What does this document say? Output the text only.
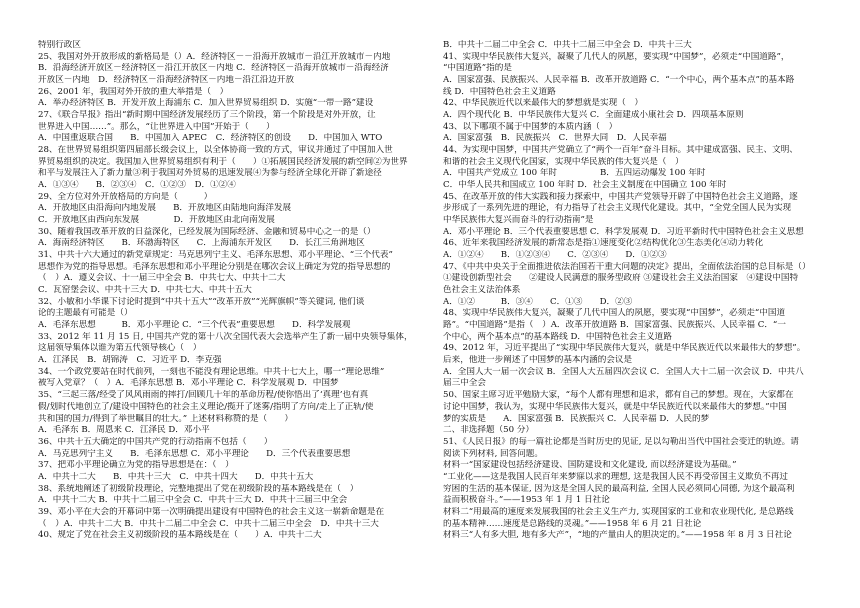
特别行政区
25、我国对外开放形成的新格局是（）A．经济特区－－沿海开放城市－沿江开放城市－内地
B．沿海经济开放区－经济特区－沿江开放区－内地 C．经济特区－沿海开放城市－沿海经济
开放区－内地　D．经济特区－沿海经济特区－内地－沿江沿边开放
26、2001 年，我国对外开放的重大举措是（　）
A．举办经济特区 B．开发开放上海浦东 C．加入世界贸易组织 D．实施“一带一路”建设
27、《联合早报》指出“新时期中国经济发展经历了三个阶段，第一个阶段是对外开放，让
世界进入中国……”。那么，“让世界进入中国”开始于（　　）
A．中国重返联合国　　B．中国加入 APEC　C．经济特区的创设　　D．中国加入 WTO
28、在世界贸易组织第四届部长级会议上，以全体协商一致的方式，审议并通过了中国加入世
界贸易组织的决定。我国加入世界贸易组织有利于（　　）①拓展国民经济发展的新空间②为世界
和平与发展注入了新力量③利于我国对外贸易的迅速发展④为参与经济全球化开辟了新途径
A．①③④　　B．②③④　C．①②③　D．①②④
29、全方位对外开放格局的方向是（　　　）
A．开放地区由沿海向内地发展　　B．开放地区由陆地向海洋发展
C．开放地区由西向东发展　　　　D．开放地区由北向南发展
30、随着我国改革开放的日益深化，已经发展为国际经济、金融和贸易中心之一的是（）
A．海南经济特区　　B．环渤海特区　　C．上海浦东开发区　　D．长江三角洲地区
31、中共十六大通过的新党章规定：马克思列宁主义、毛泽东思想、邓小平理论、“三个代表”
思想作为党的指导思想。毛泽东思想和邓小平理论分别是在哪次会议上确定为党的指导思想的
（　）A．遵义会议、十一届三中全会 B．中共七大、中共十二大
C．瓦窑堡会议、中共十三大 D．中共七大、中共十五大
32、小敏和小华课下讨论时提到“中共十五大”“改革开放”“光辉旗帜”等关键词, 他们谈
论的主题最有可能是（）
A．毛泽东思想　　　B．邓小平理论 C．“三个代表”重要思想　　D．科学发展观
33、2012 年 11 月 15 日, 中国共产党的第十八次全国代表大会选举产生了新一届中央领导集体，
这届领导集体以谁为第五代领导核心（　）
A．江泽民　B．胡锦涛　C．习近平 D．李克强
34、一个政党要站在时代前列，一刻也不能没有理论思维。中共十七大上，哪一“理论思维”
被写入党章？（　）A．毛泽东思想 B．邓小平理论 C．科学发展观 D．中国梦
35、“三起三落/经受了风风雨雨的摔打/回顾几十年的革命历程/使你悟出了‘真理’也有真
假/划时代地创立了/建设中国特色的社会主义理论/揽开了迷雾/指明了方向/走上了正轨/使
共和国的国力/得到了举世瞩目的壮大。” 上述材料称赞的是（　　）
A．毛泽东 B．周恩来 C．江泽民 D．邓小平
36、中共十五大确定的中国共产党的行动指南不包括（　　）
A．马克思列宁主义　　B．毛泽东思想 C．邓小平理论　　D．三个代表重要思想
37、把邓小平理论确立为党的指导思想是在：（　）
A．中共十二大　　B．中共十三大　C．中共十四大　　D．中共十五大
38、系统地阐述了初级阶段理论，完整地提出了党在初级阶段的基本路线是在（　）
A．中共十二大 B．中共十二届三中全会 C．中共十三大 D．中共十三届三中全会
39、邓小平在大会的开幕词中第一次明确提出建设有中国特色的社会主义这一崭新命题是在
（　）A．中共十二大 B．中共十二届二中全会 C．中共十二届三中全会　D．中共十三大
40、规定了党在社会主义初级阶段的基本路线是在（　　）A．中共十二大
B．中共十二届二中全会 C．中共十二届三中全会 D．中共十三大
41、实现中华民族伟大复兴，凝聚了几代人的夙愿，要实现“中国梦”，必须走“中国道路”，
“中国道路”指的是
A．国家富强、民族振兴、人民幸福 B．改革开放道路 C．“一个中心，两个基本点”的基本路
线 D．中国特色社会主义道路
42、中华民族近代以来最伟大的梦想就是实现（　）
A．四个现代化 B．中华民族伟大复兴 C．全面建成小康社会 D．四项基本原则
43、以下哪项不属于中国梦的本质内涵（　）
A．国家富强　B．民族振兴　C．世界大同　D．人民幸福
44、为实现中国梦，中国共产党确立了“两个一百年”奋斗目标。其中建成富强、民主、文明、
和谐的社会主义现代化国家，实现中华民族的伟大复兴是（　）
A．中国共产党成立 100 年时　　　　　B．五四运动爆发 100 年时
C．中华人民共和国成立 100 年时 D．社会主义制度在中国确立 100 年时
45、在改革开放的伟大实践和接力探索中，中国共产党领导开辟了中国特色社会主义道路，逐
步形成了一系列先进的理论，有力指导了社会主义现代化建设。其中，“全党全国人民为实现
中华民族伟大复兴而奋斗的行动指南”是
A．邓小平理论 B．三个代表重要思想 C．科学发展观 D．习近平新时代中国特色社会主义思想
46、近年来我国经济发展的新常态是指①速度变化②结构优化③生态美化④动力转化
A．①②④　　B．①②③④　　C．②③④　　D．①②③
47、《中共中央关于全面推进依法治国若干重大问题的决定》提出，全面依法治国的总目标是（）
①建设创新型社会　　②建设人民满意的服务型政府 ③建设社会主义法治国家　④建设中国特
色社会主义法治体系
A．①②　　　B．③④　　C．①③　　D．②③
48、实现中华民族伟大复兴，凝聚了几代中国人的夙愿，要实现“中国梦”，必须走“中国道
路”。“中国道路”是指（　）A．改革开放道路 B．国家富强、民族振兴、人民幸福 C．“一
个中心，两个基本点”的基本路线 D．中国特色社会主义道路
49、2012 年，习近平提出了“实现中华民族伟大复兴，就是中华民族近代以来最伟大的梦想”。
后来，他进一步阐述了中国梦的基本内涵的会议是
A．全国人大一届一次会议 B．全国人大五届四次会议 C．全国人大十二届一次会议 D．中共八
届三中全会
50、国家主席习近平勉励大家，“每个人都有理想和追求，都有自己的梦想。现在，大家都在
讨论中国梦，我认为，实现中华民族伟大复兴，就是中华民族近代以来最伟大的梦想。”中国
梦的实质是　　A．国家富强 B．民族振兴 C．人民幸福 D．人民的梦
二、非选择题（50 分）
51、《人民日报》的每一篇社论都是当时历史的见证, 足以勾勒出当代中国社会变迁的轨迹。请
阅读下列材料, 回答问题。
材料一“国家建设包括经济建设、国防建设和文化建设, 而以经济建设为基础。”
“工业化——这是我国人民百年来梦寐以求的理想, 这是我国人民不再受帝国主义欺负不再过
穷困的生活的基本保证, 因为这是全国人民的最高利益, 全国人民必须同心同德, 为这个最高利
益而积极奋斗。”——1953 年 1 月 1 日社论
材料二“用最高的速度来发展我国的社会主义生产力, 实现国家的工业和农业现代化, 是总路线
的基本精神……速度是总路线的灵魂。”——1958 年 6 月 21 日社论
材料三“人有多大胆, 地有多大产”，“地的产量由人的胆决定的。”——1958 年 8 月 3 日社论
